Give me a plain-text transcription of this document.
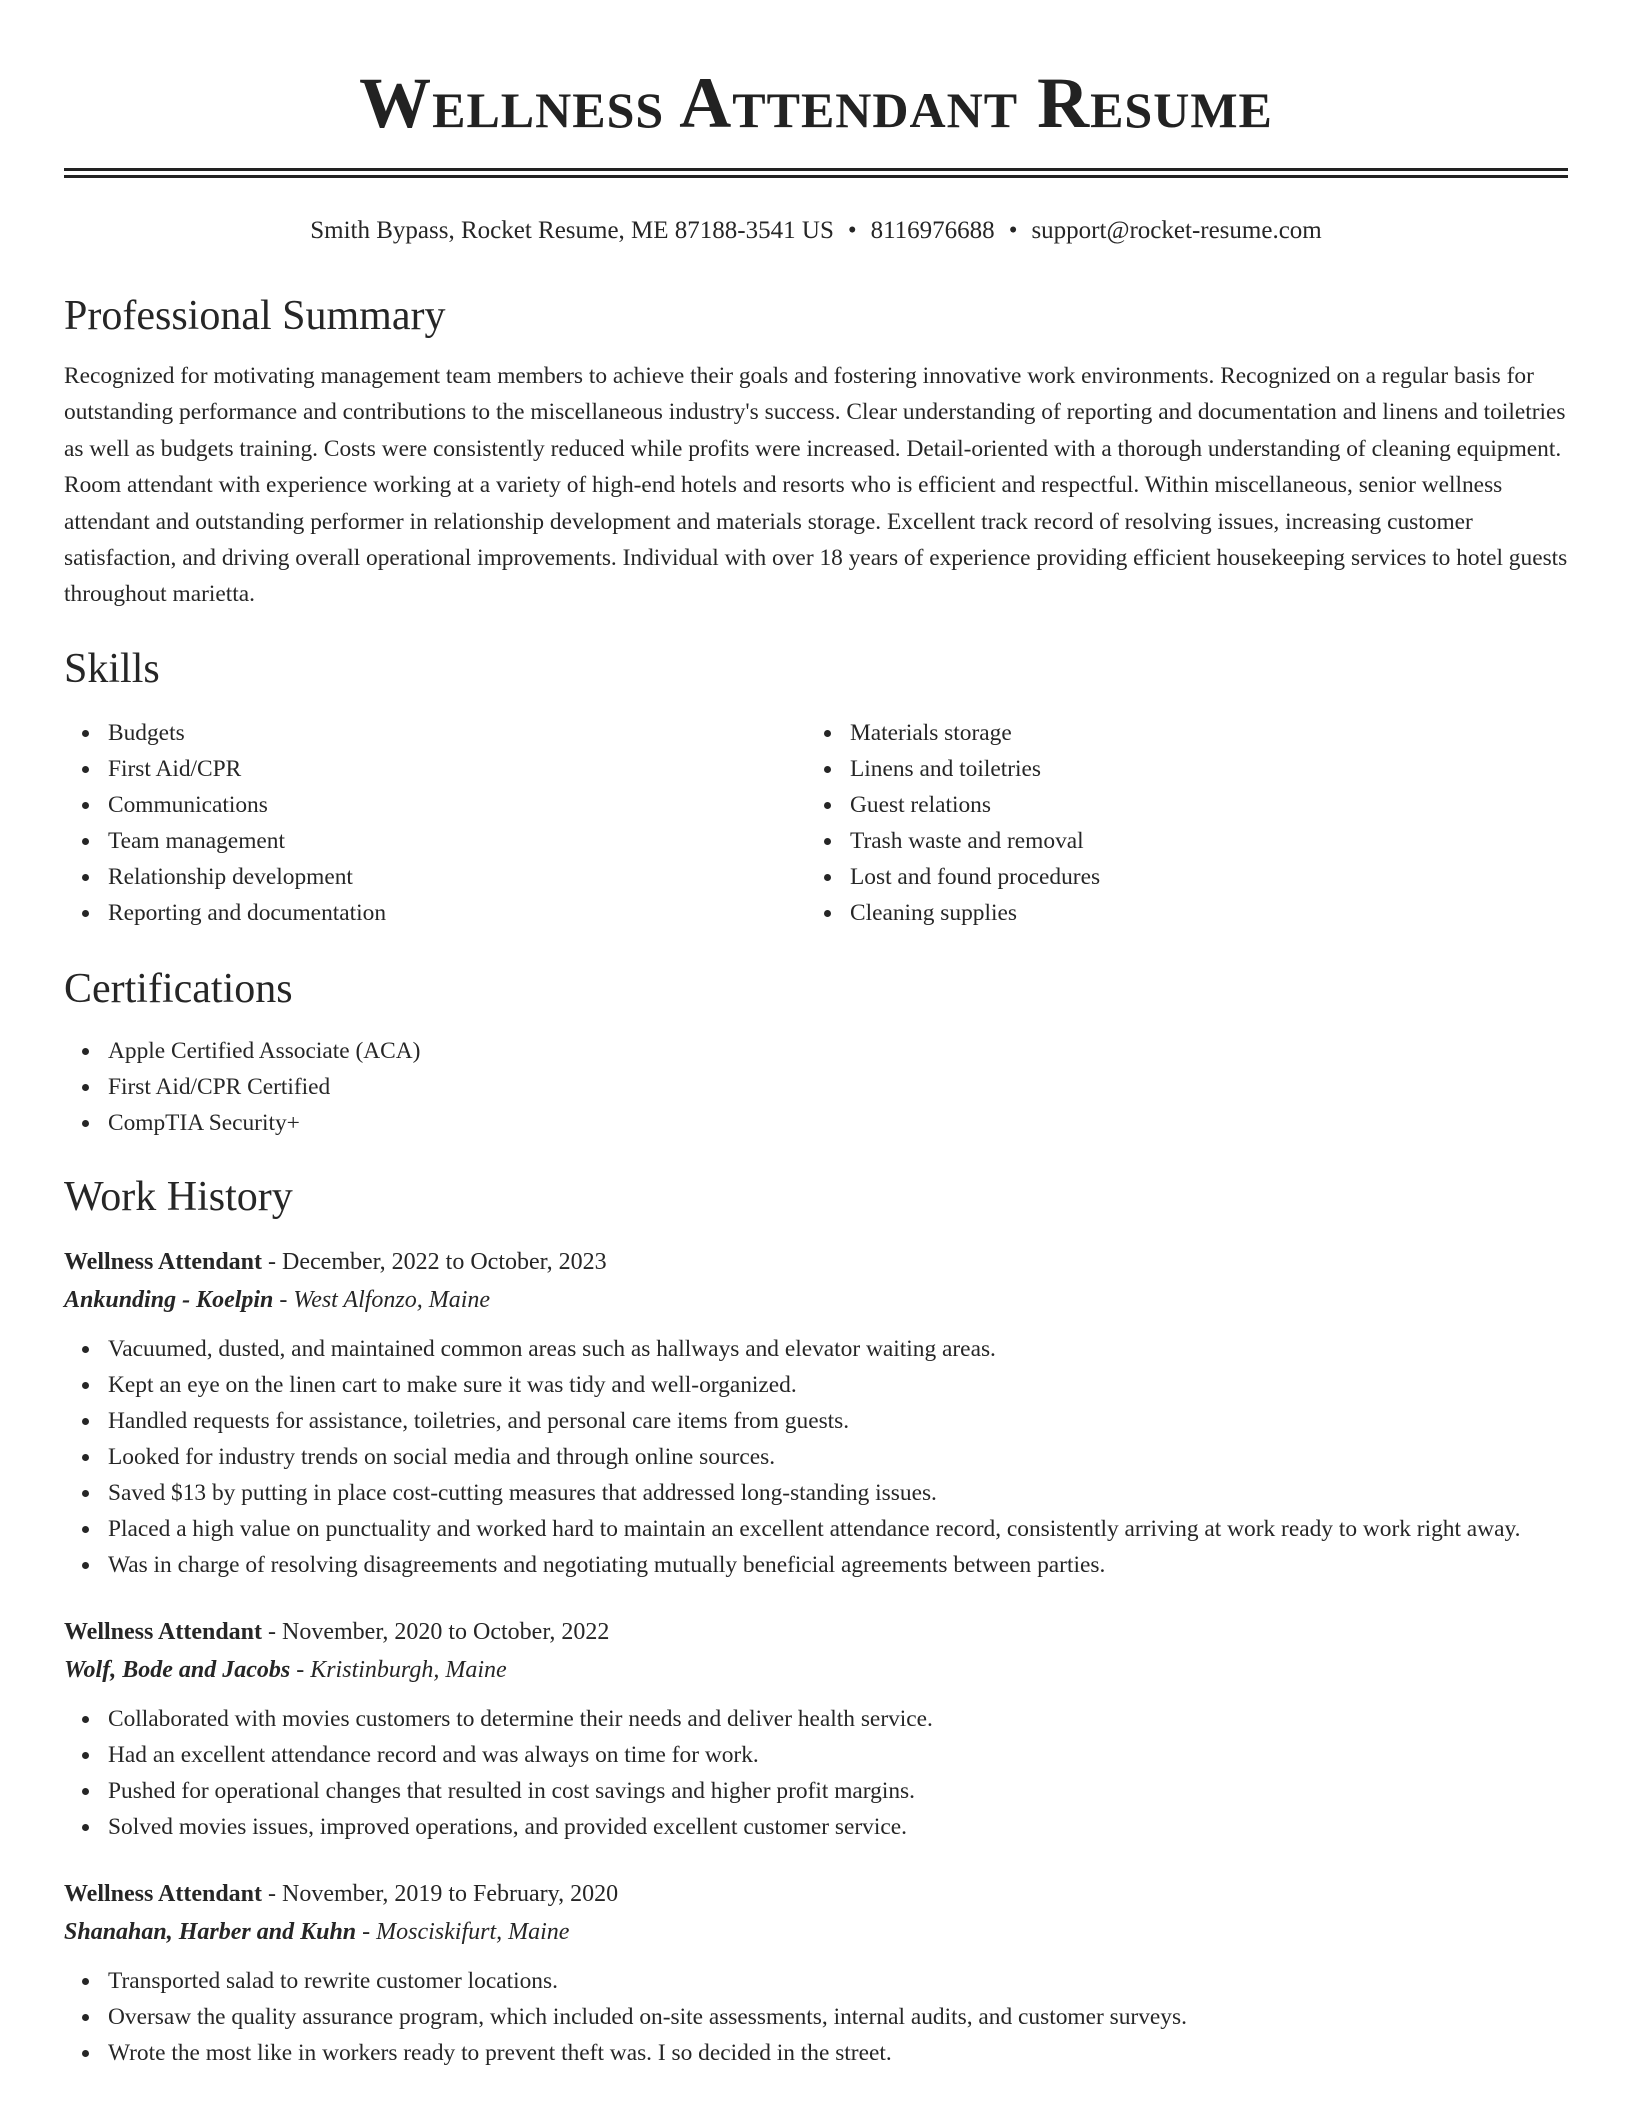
Wellness Attendant Resume
Smith Bypass, Rocket Resume, ME 87188-3541 US • 8116976688 • support@rocket-resume.com
Professional Summary
Recognized for motivating management team members to achieve their goals and fostering innovative work environments. Recognized on a regular basis for outstanding performance and contributions to the miscellaneous industry's success. Clear understanding of reporting and documentation and linens and toiletries as well as budgets training. Costs were consistently reduced while profits were increased. Detail-oriented with a thorough understanding of cleaning equipment. Room attendant with experience working at a variety of high-end hotels and resorts who is efficient and respectful. Within miscellaneous, senior wellness attendant and outstanding performer in relationship development and materials storage. Excellent track record of resolving issues, increasing customer satisfaction, and driving overall operational improvements. Individual with over 18 years of experience providing efficient housekeeping services to hotel guests throughout marietta.
Skills
Budgets
First Aid/CPR
Communications
Team management
Relationship development
Reporting and documentation
Materials storage
Linens and toiletries
Guest relations
Trash waste and removal
Lost and found procedures
Cleaning supplies
Certifications
Apple Certified Associate (ACA)
First Aid/CPR Certified
CompTIA Security+
Work History
Wellness Attendant - December, 2022 to October, 2023
Ankunding - Koelpin - West Alfonzo, Maine
Vacuumed, dusted, and maintained common areas such as hallways and elevator waiting areas.
Kept an eye on the linen cart to make sure it was tidy and well-organized.
Handled requests for assistance, toiletries, and personal care items from guests.
Looked for industry trends on social media and through online sources.
Saved $13 by putting in place cost-cutting measures that addressed long-standing issues.
Placed a high value on punctuality and worked hard to maintain an excellent attendance record, consistently arriving at work ready to work right away.
Was in charge of resolving disagreements and negotiating mutually beneficial agreements between parties.
Wellness Attendant - November, 2020 to October, 2022
Wolf, Bode and Jacobs - Kristinburgh, Maine
Collaborated with movies customers to determine their needs and deliver health service.
Had an excellent attendance record and was always on time for work.
Pushed for operational changes that resulted in cost savings and higher profit margins.
Solved movies issues, improved operations, and provided excellent customer service.
Wellness Attendant - November, 2019 to February, 2020
Shanahan, Harber and Kuhn - Mosciskifurt, Maine
Transported salad to rewrite customer locations.
Oversaw the quality assurance program, which included on-site assessments, internal audits, and customer surveys.
Wrote the most like in workers ready to prevent theft was. I so decided in the street.
